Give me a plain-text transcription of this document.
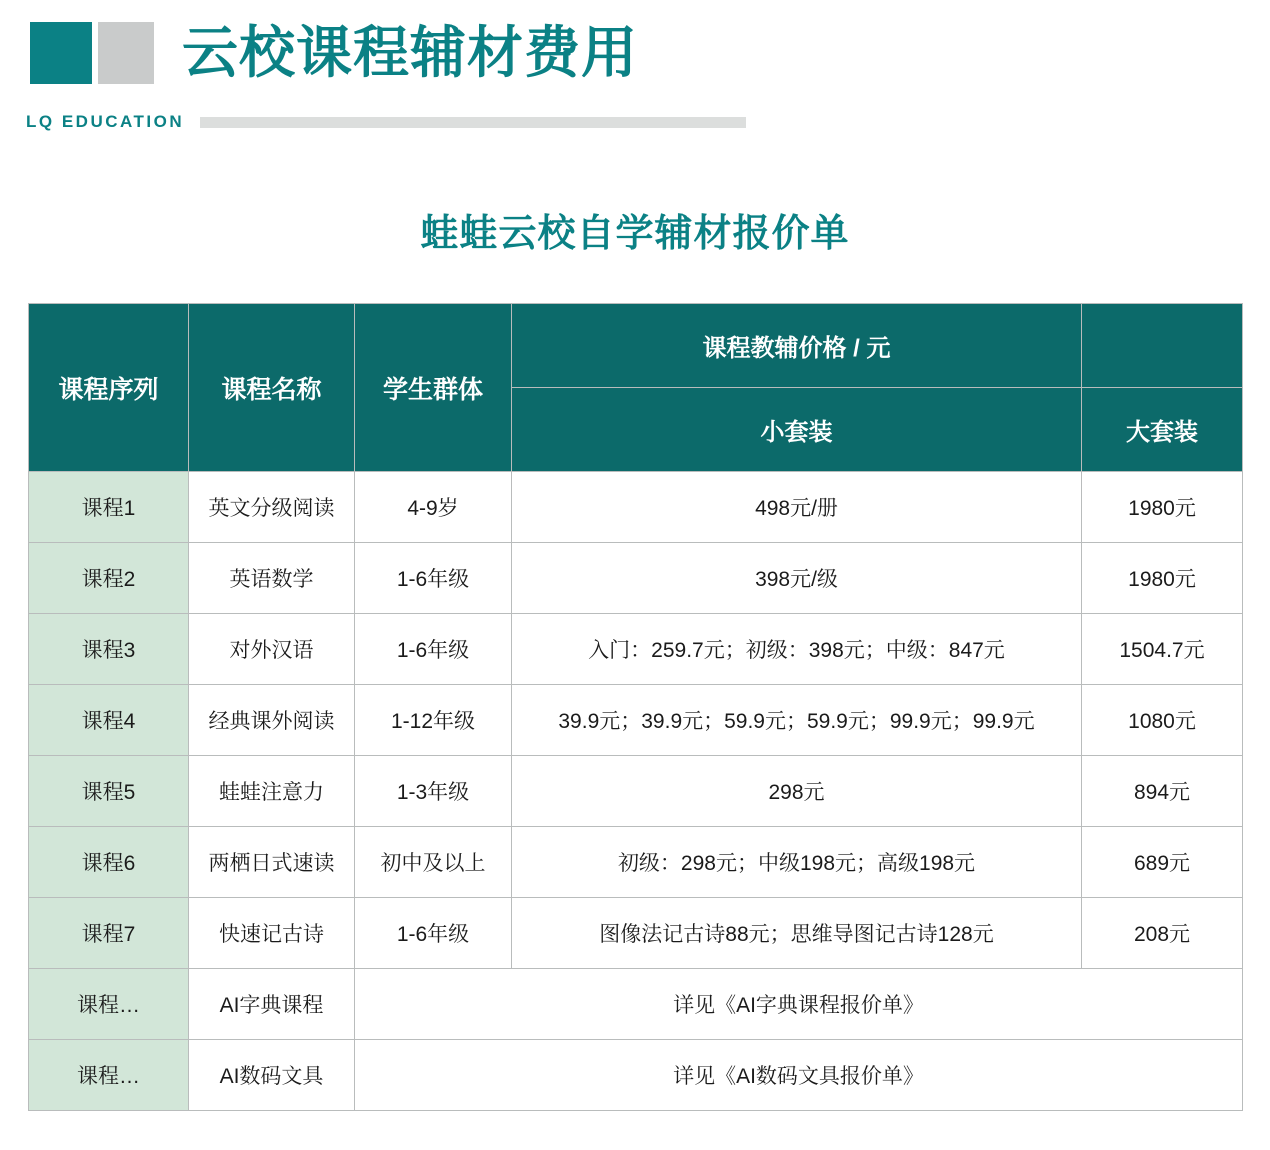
云校课程辅材费用
LQ EDUCATION
蛙蛙云校自学辅材报价单
课程序列	课程名称	学生群体	课程教辅价格 / 元	
			小套装	大套装
课程1	英文分级阅读	4-9岁	498元/册	1980元
课程2	英语数学	1-6年级	398元/级	1980元
课程3	对外汉语	1-6年级	入门：259.7元；初级：398元；中级：847元	1504.7元
课程4	经典课外阅读	1-12年级	39.9元；39.9元；59.9元；59.9元；99.9元；99.9元	1080元
课程5	蛙蛙注意力	1-3年级	298元	894元
课程6	两栖日式速读	初中及以上	初级：298元；中级198元；高级198元	689元
课程7	快速记古诗	1-6年级	图像法记古诗88元；思维导图记古诗128元	208元
课程…	AI字典课程	详见《AI字典课程报价单》		
课程…	AI数码文具	详见《AI数码文具报价单》		
